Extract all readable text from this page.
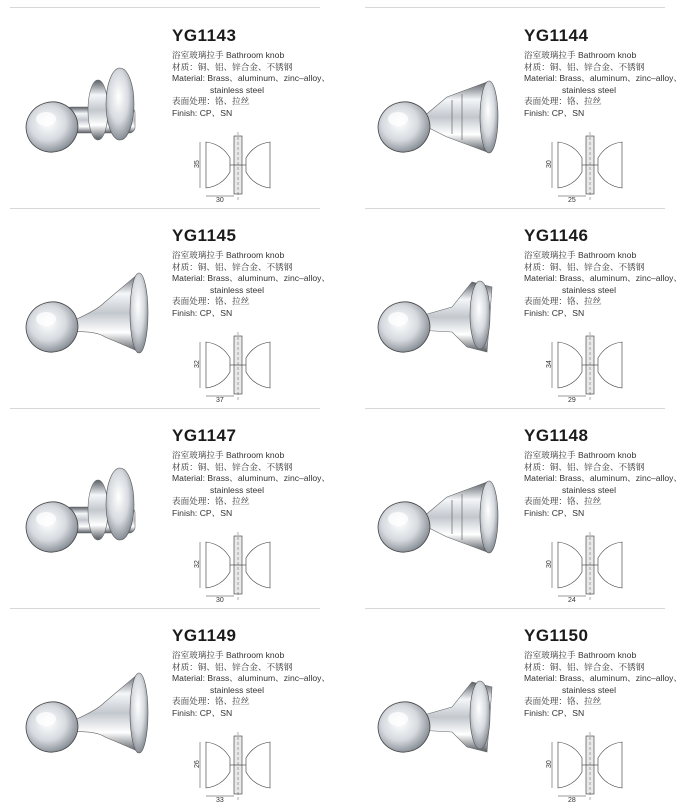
YG1143
浴室玻璃拉手 Bathroom knob
材质：铜、铝、锌合金、不锈钢
Material: Brass、aluminum、zinc–alloy、
stainless steel
表面处理：铬、拉丝
Finish: CP、SN
35
30
YG1144
浴室玻璃拉手 Bathroom knob
材质：铜、铝、锌合金、不锈钢
Material: Brass、aluminum、zinc–alloy、
stainless steel
表面处理：铬、拉丝
Finish: CP、SN
30
25
YG1145
浴室玻璃拉手 Bathroom knob
材质：铜、铝、锌合金、不锈钢
Material: Brass、aluminum、zinc–alloy、
stainless steel
表面处理：铬、拉丝
Finish: CP、SN
32
37
YG1146
浴室玻璃拉手 Bathroom knob
材质：铜、铝、锌合金、不锈钢
Material: Brass、aluminum、zinc–alloy、
stainless steel
表面处理：铬、拉丝
Finish: CP、SN
34
29
YG1147
浴室玻璃拉手 Bathroom knob
材质：铜、铝、锌合金、不锈钢
Material: Brass、aluminum、zinc–alloy、
stainless steel
表面处理：铬、拉丝
Finish: CP、SN
32
30
YG1148
浴室玻璃拉手 Bathroom knob
材质：铜、铝、锌合金、不锈钢
Material: Brass、aluminum、zinc–alloy、
stainless steel
表面处理：铬、拉丝
Finish: CP、SN
30
24
YG1149
浴室玻璃拉手 Bathroom knob
材质：铜、铝、锌合金、不锈钢
Material: Brass、aluminum、zinc–alloy、
stainless steel
表面处理：铬、拉丝
Finish: CP、SN
26
33
YG1150
浴室玻璃拉手 Bathroom knob
材质：铜、铝、锌合金、不锈钢
Material: Brass、aluminum、zinc–alloy、
stainless steel
表面处理：铬、拉丝
Finish: CP、SN
30
28
